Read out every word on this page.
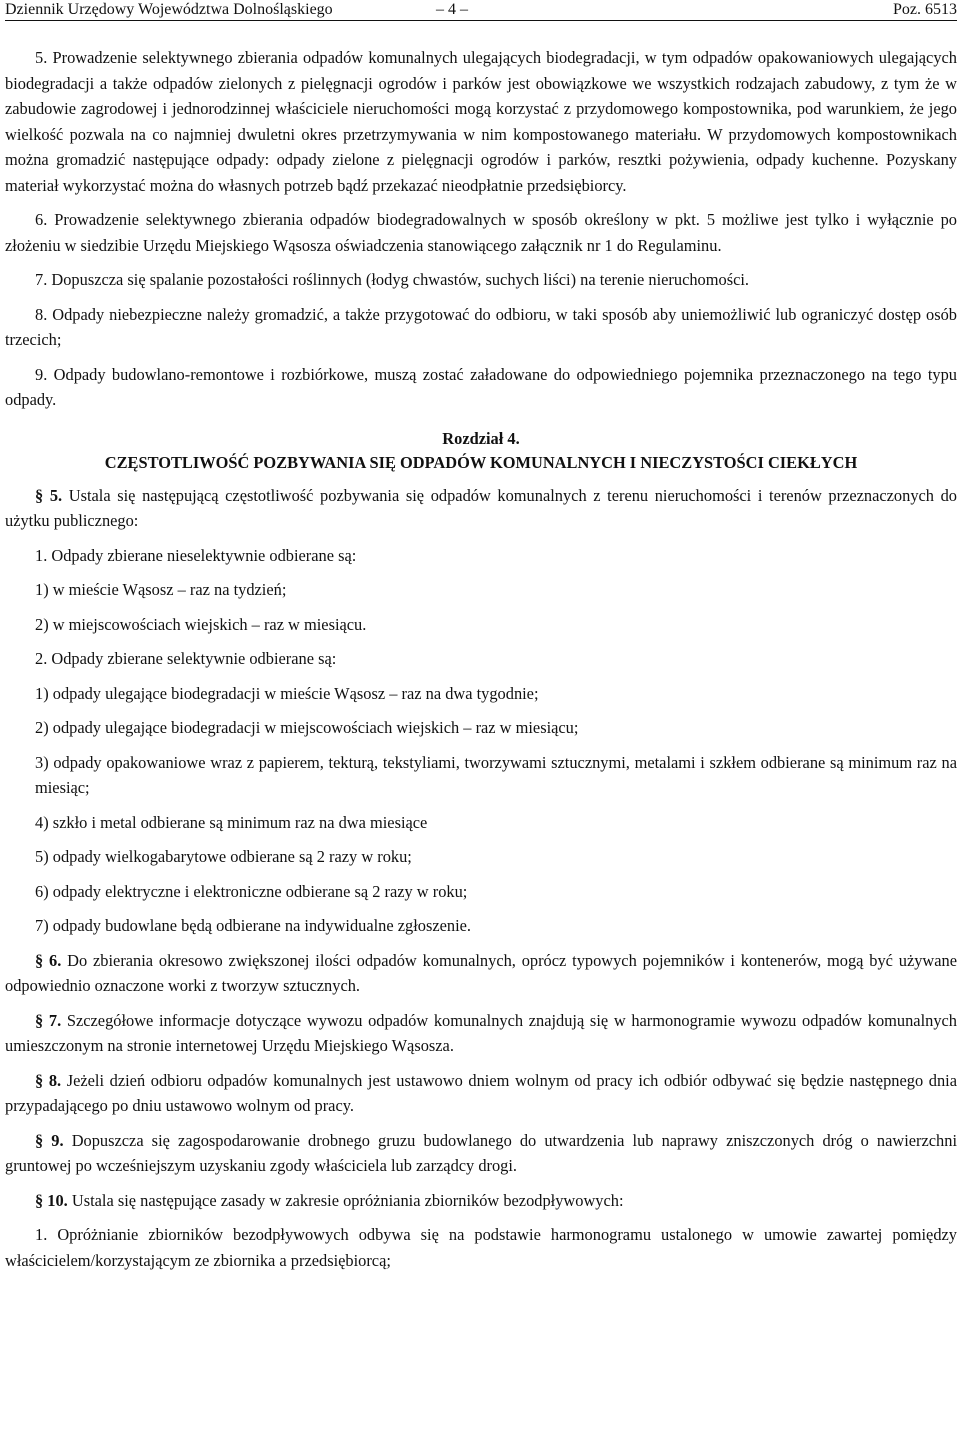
Dziennik Urzędowy Województwa Dolnośląskiego	– 4 –	Poz. 6513

5. Prowadzenie selektywnego zbierania odpadów komunalnych ulegających biodegradacji, w tym odpadów opakowaniowych ulegających biodegradacji a także odpadów zielonych z pielęgnacji ogrodów i parków jest obowiązkowe we wszystkich rodzajach zabudowy, z tym że w zabudowie zagrodowej i jednorodzinnej właściciele nieruchomości mogą korzystać z przydomowego kompostownika, pod warunkiem, że jego wielkość pozwala na co najmniej dwuletni okres przetrzymywania w nim kompostowanego materiału. W przydomowych kompostownikach można gromadzić następujące odpady: odpady zielone z pielęgnacji ogrodów i parków, resztki pożywienia, odpady kuchenne. Pozyskany materiał wykorzystać można do własnych potrzeb bądź przekazać nieodpłatnie przedsiębiorcy.

6. Prowadzenie selektywnego zbierania odpadów biodegradowalnych w sposób określony w pkt. 5 możliwe jest tylko i wyłącznie po złożeniu w siedzibie Urzędu Miejskiego Wąsosza oświadczenia stanowiącego załącznik nr 1 do Regulaminu.

7. Dopuszcza się spalanie pozostałości roślinnych (łodyg chwastów, suchych liści) na terenie nieruchomości.

8. Odpady niebezpieczne należy gromadzić, a także przygotować do odbioru, w taki sposób aby uniemożliwić lub ograniczyć dostęp osób trzecich;

9. Odpady budowlano-remontowe i rozbiórkowe, muszą zostać załadowane do odpowiedniego pojemnika przeznaczonego na tego typu odpady.

Rozdział 4.
CZĘSTOTLIWOŚĆ POZBYWANIA SIĘ ODPADÓW KOMUNALNYCH I NIECZYSTOŚCI CIEKŁYCH

§ 5. Ustala się następującą częstotliwość pozbywania się odpadów komunalnych z terenu nieruchomości i terenów przeznaczonych do użytku publicznego:

1. Odpady zbierane nieselektywnie odbierane są:

1) w mieście Wąsosz – raz na tydzień;

2) w miejscowościach wiejskich – raz w miesiącu.

2. Odpady zbierane selektywnie odbierane są:

1) odpady ulegające biodegradacji w mieście Wąsosz – raz na dwa tygodnie;

2) odpady ulegające biodegradacji w miejscowościach wiejskich – raz w miesiącu;

3) odpady opakowaniowe wraz z papierem, tekturą, tekstyliami, tworzywami sztucznymi, metalami i szkłem odbierane są minimum raz na miesiąc;

4) szkło i metal odbierane są minimum raz na dwa miesiące

5) odpady wielkogabarytowe odbierane są 2 razy w roku;

6) odpady elektryczne i elektroniczne odbierane są 2 razy w roku;

7) odpady budowlane będą odbierane na indywidualne zgłoszenie.

§ 6. Do zbierania okresowo zwiększonej ilości odpadów komunalnych, oprócz typowych pojemników i kontenerów, mogą być używane odpowiednio oznaczone worki z tworzyw sztucznych.

§ 7. Szczegółowe informacje dotyczące wywozu odpadów komunalnych znajdują się w harmonogramie wywozu odpadów komunalnych umieszczonym na stronie internetowej Urzędu Miejskiego Wąsosza.

§ 8. Jeżeli dzień odbioru odpadów komunalnych jest ustawowo dniem wolnym od pracy ich odbiór odbywać się będzie następnego dnia przypadającego po dniu ustawowo wolnym od pracy.

§ 9. Dopuszcza się zagospodarowanie drobnego gruzu budowlanego do utwardzenia lub naprawy zniszczonych dróg o nawierzchni gruntowej po wcześniejszym uzyskaniu zgody właściciela lub zarządcy drogi.

§ 10. Ustala się następujące zasady w zakresie opróżniania zbiorników bezodpływowych:

1. Opróżnianie zbiorników bezodpływowych odbywa się na podstawie harmonogramu ustalonego w umowie zawartej pomiędzy właścicielem/korzystającym ze zbiornika a przedsiębiorcą;
